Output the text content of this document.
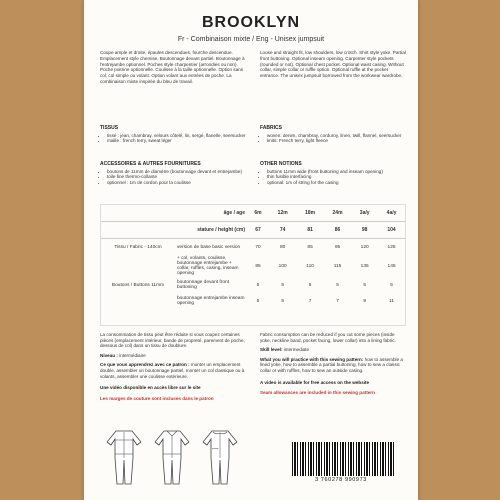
BROOKLYN
Fr - Combinaison mixte / Eng - Unisex jumpsuit

Coupe ample et droite, épaules descendues, fourche descendue. Emplacement style chemise. Boutonnage devant partiel. Boutonnage à l'entrejambe optionnel. Poches style charpentier (arrondies ou non). Poche poitrine optionnelle. Coulisse à la taille optionnelle. Option sans col, col simple ou volant. Option volant aux entrées de poche. La combinaison mixte inspirée du bleu de travail.

Loose and straight fit, low shoulders, low crotch. Shirt style yoke. Partial front buttoning. Optional inseam opening. Carpenter style pockets (rounded or not). Optional chest pocket. Optional waist casing. Without collar, simple collar or ruffle option. Optional ruffle at the pocket entrance. The unisex jumpsuit borrowed from the workwear wardrobe.

TISSUS
• tissé : jean, chambray, velours côtelé, lin, sergé, flanelle, seersucker
• maille : french terry, sweat léger
FABRICS
• woven: denim, chambray, corduroy, linen, twill, flannel, seersucker
• knits: French terry, light fleece
ACCESSOIRES & AUTRES FOURNITURES
• boutons de 11mm de diamètre (boutonnage devant et entrejambe)
• toile fine thermo-collante
• optionnel : 1m de cordon pour la coulisse
OTHER NOTIONS
• buttons 11mm wide (front buttoning and inseam opening)
• thin fusible interfacing
• optional: 1m of string for the casing
âge / age		6m	12m	18m	24m	3a/y	4a/y
stature / height (cm)		67	74	81	86	98	104
Tissu / Fabric - 140cm	version de base basic version	70	80	85	95	120	125
	+ col, volants, coulisse, boutonnage entrejambe + collar, ruffles, casing, inseam opening	85	100	110	115	135	145
Boutons / Buttons 11mm	boutonnage devant front buttoning	5	5	5	5	5	5
	boutonnage entrejambe inseam opening	5	5	7	7	9	11

La consommation de tissu peut être réduite si vous coupez certaines pièces (emplacement intérieur, bande de propreté, parement de poche, dessous de col) dans un tissu de doublure.

Niveau : intermédiaire

Ce que vous apprendrez avec ce patron : monter un emplacement double, assembler un boutonnage partiel, monter un col classique ou à volants, assembler une coulisse extérieure.

Une vidéo disponible en accès libre sur le site

Les marges de couture sont incluses dans le patron

Fabric consumption can be reduced if you cut some pieces (inside yoke, neckline band, pocket facing, lower collar) into a lining fabric.

Skill level: intermediate

What you will practice with this sewing pattern: how to assemble a lined yoke, how to assemble a partial buttoning, how to sew a classic collar or with ruffles, how to sew an outside casing.

A video is available for free access on the website

Seam allowances are included in this sewing pattern

3 760278 990973
